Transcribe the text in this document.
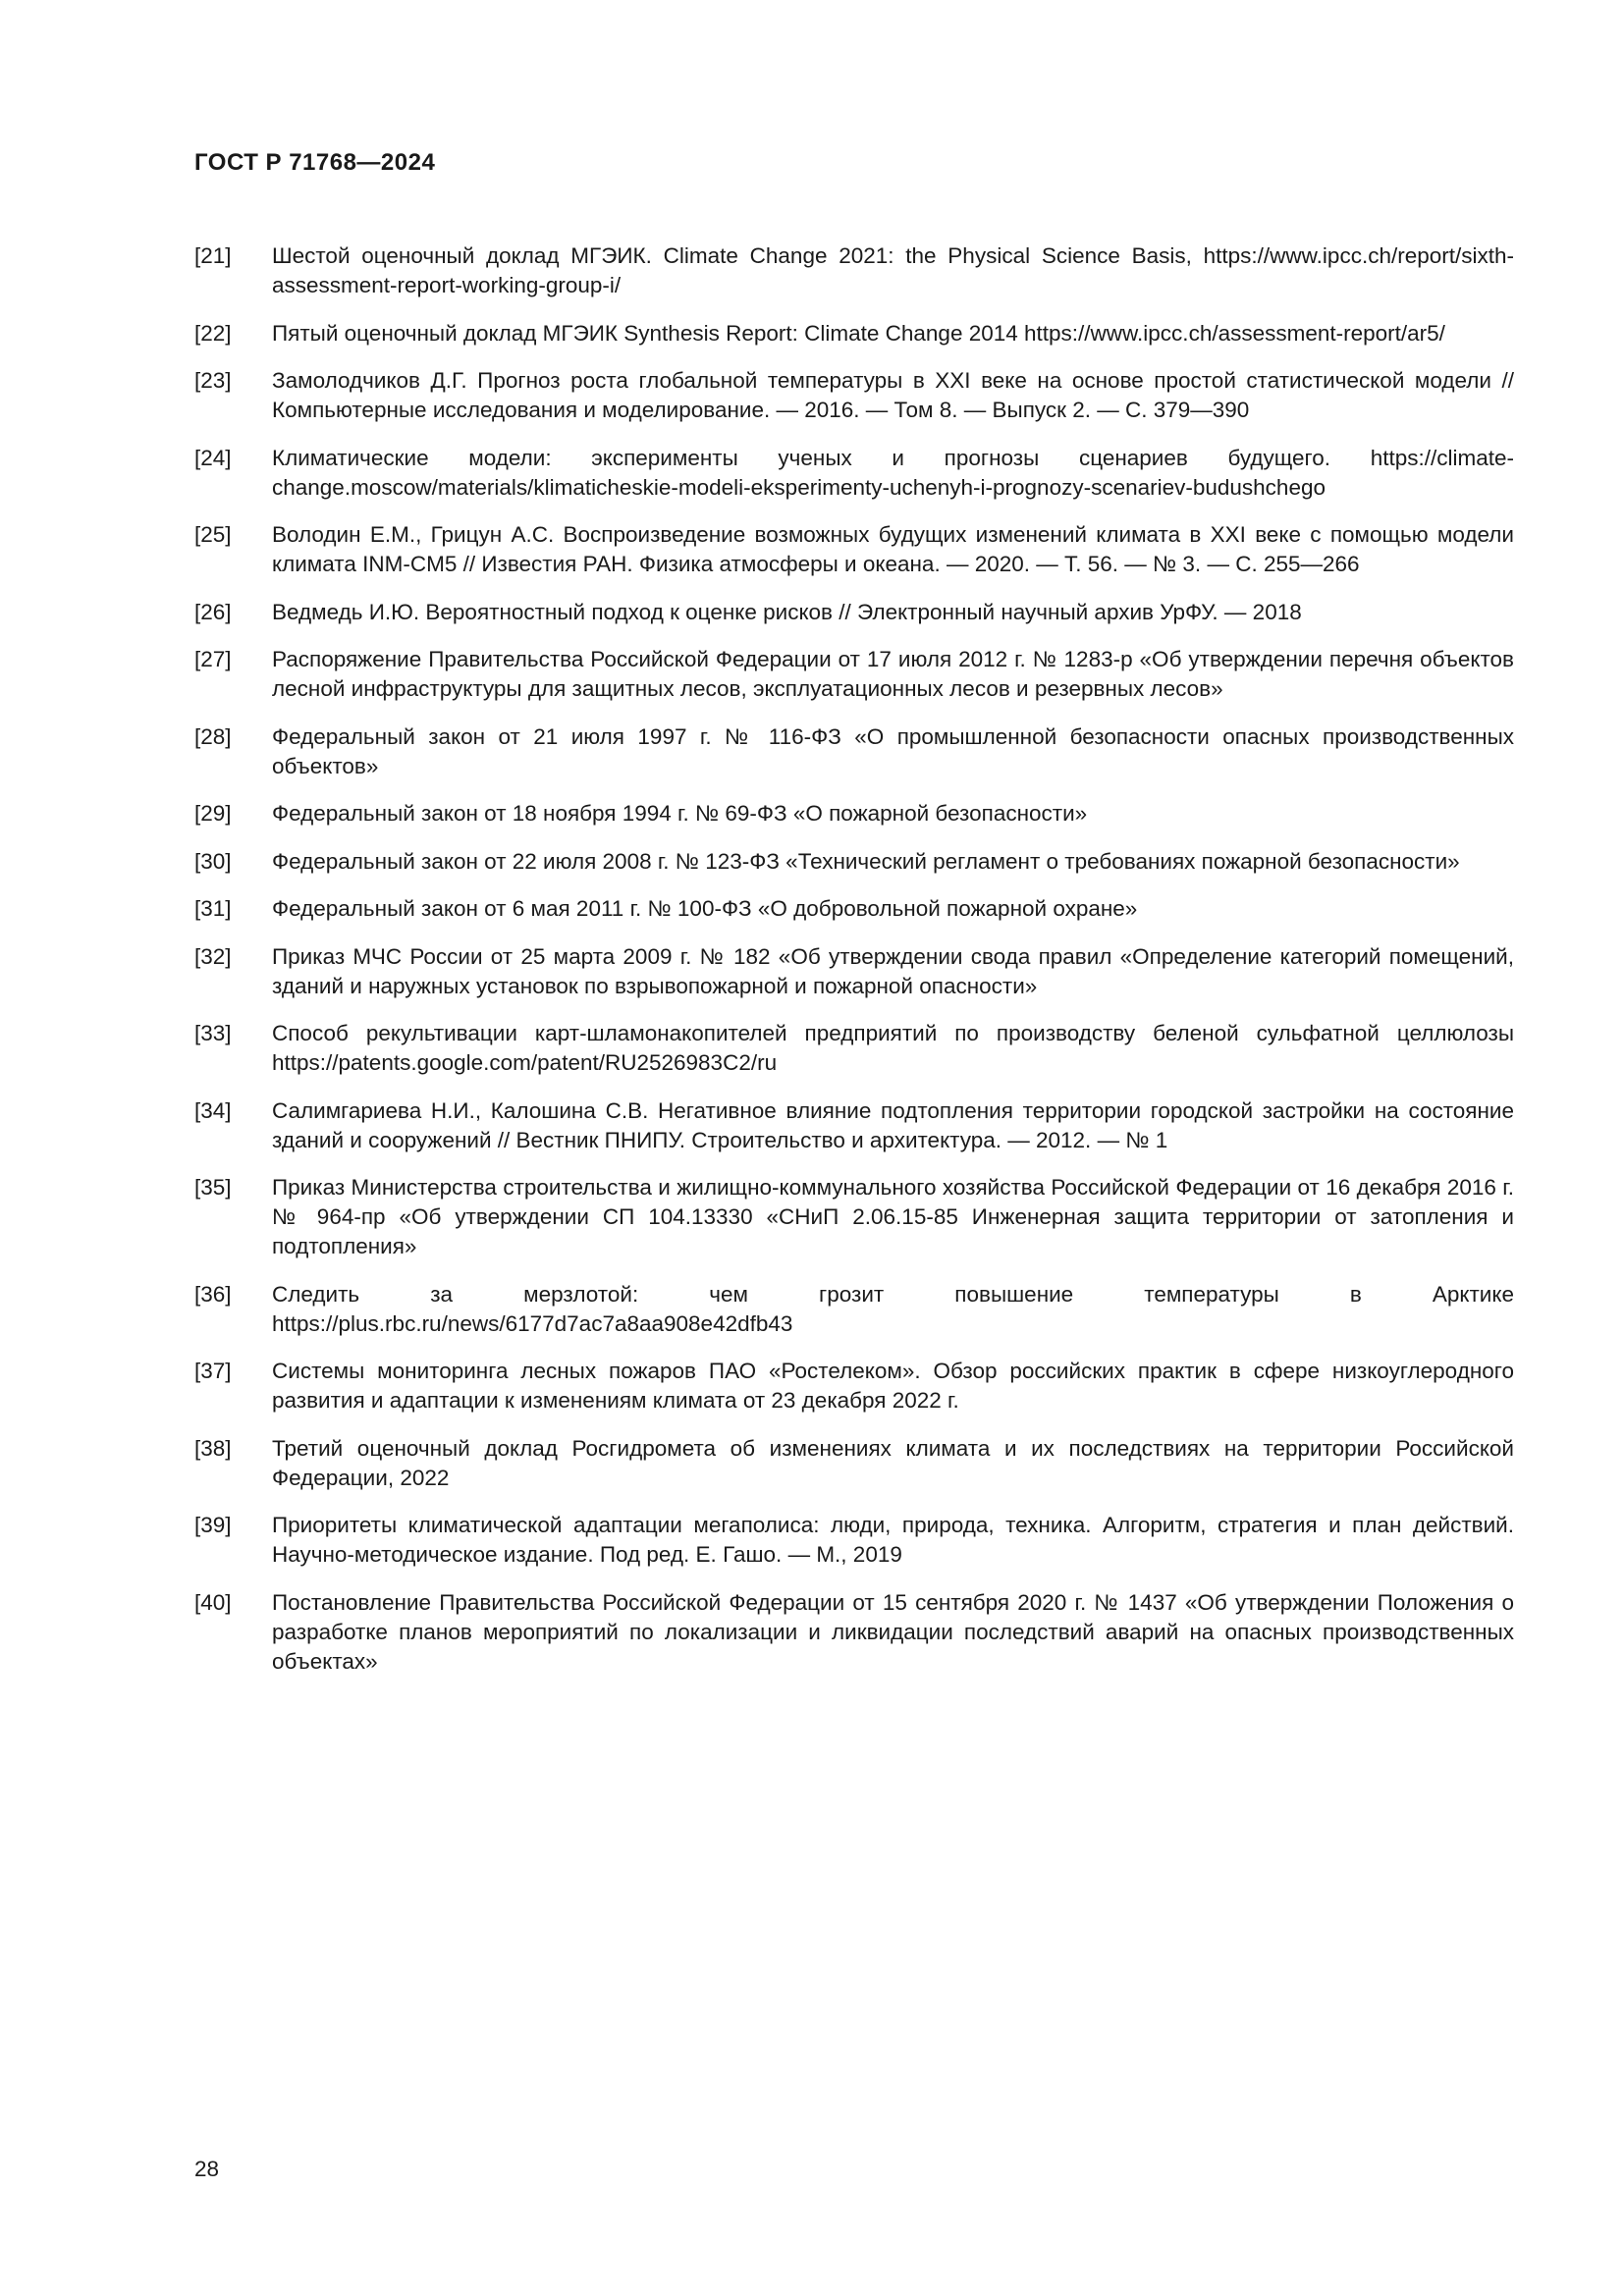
ГОСТ Р 71768—2024
[21]	Шестой оценочный доклад МГЭИК. Climate Change 2021: the Physical Science Basis, https://www.ipcc.ch/report/sixth-assessment-report-working-group-i/
[22]	Пятый оценочный доклад МГЭИК Synthesis Report: Climate Change 2014 https://www.ipcc.ch/assessment-report/ar5/
[23]	Замолодчиков Д.Г. Прогноз роста глобальной температуры в XXI веке на основе простой статистической модели // Компьютерные исследования и моделирование. — 2016. — Том 8. — Выпуск 2. — С. 379—390
[24]	Климатические модели: эксперименты ученых и прогнозы сценариев будущего. https://climate-change.moscow/materials/klimaticheskie-modeli-eksperimenty-uchenyh-i-prognozy-scenariev-budushchego
[25]	Володин Е.М., Грицун А.С. Воспроизведение возможных будущих изменений климата в XXI веке с помощью модели климата INM-CM5 // Известия РАН. Физика атмосферы и океана. — 2020. — Т. 56. — № 3. — С. 255—266
[26]	Ведмедь И.Ю. Вероятностный подход к оценке рисков // Электронный научный архив УрФУ. — 2018
[27]	Распоряжение Правительства Российской Федерации от 17 июля 2012 г. № 1283-р «Об утверждении перечня объектов лесной инфраструктуры для защитных лесов, эксплуатационных лесов и резервных лесов»
[28]	Федеральный закон от 21 июля 1997 г. № 116-ФЗ «О промышленной безопасности опасных производственных объектов»
[29]	Федеральный закон от 18 ноября 1994 г. № 69-ФЗ «О пожарной безопасности»
[30]	Федеральный закон от 22 июля 2008 г. № 123-ФЗ «Технический регламент о требованиях пожарной безопасности»
[31]	Федеральный закон от 6 мая 2011 г. № 100-ФЗ «О добровольной пожарной охране»
[32]	Приказ МЧС России от 25 марта 2009 г. № 182 «Об утверждении свода правил «Определение категорий помещений, зданий и наружных установок по взрывопожарной и пожарной опасности»
[33]	Способ рекультивации карт-шламонакопителей предприятий по производству беленой сульфатной целлюлозы https://patents.google.com/patent/RU2526983C2/ru
[34]	Салимгариева Н.И., Калошина С.В. Негативное влияние подтопления территории городской застройки на состояние зданий и сооружений // Вестник ПНИПУ. Строительство и архитектура. — 2012. — № 1
[35]	Приказ Министерства строительства и жилищно-коммунального хозяйства Российской Федерации от 16 декабря 2016 г. № 964-пр «Об утверждении СП 104.13330 «СНиП 2.06.15-85 Инженерная защита территории от затопления и подтопления»
[36]	Следить за мерзлотой: чем грозит повышение температуры в Арктике https://plus.rbc.ru/news/6177d7ac7a8aa908e42dfb43
[37]	Системы мониторинга лесных пожаров ПАО «Ростелеком». Обзор российских практик в сфере низкоуглеродного развития и адаптации к изменениям климата от 23 декабря 2022 г.
[38]	Третий оценочный доклад Росгидромета об изменениях климата и их последствиях на территории Российской Федерации, 2022
[39]	Приоритеты климатической адаптации мегаполиса: люди, природа, техника. Алгоритм, стратегия и план действий. Научно-методическое издание. Под ред. Е. Гашо. — М., 2019
[40]	Постановление Правительства Российской Федерации от 15 сентября 2020 г. № 1437 «Об утверждении Положения о разработке планов мероприятий по локализации и ликвидации последствий аварий на опасных производственных объектах»
28
